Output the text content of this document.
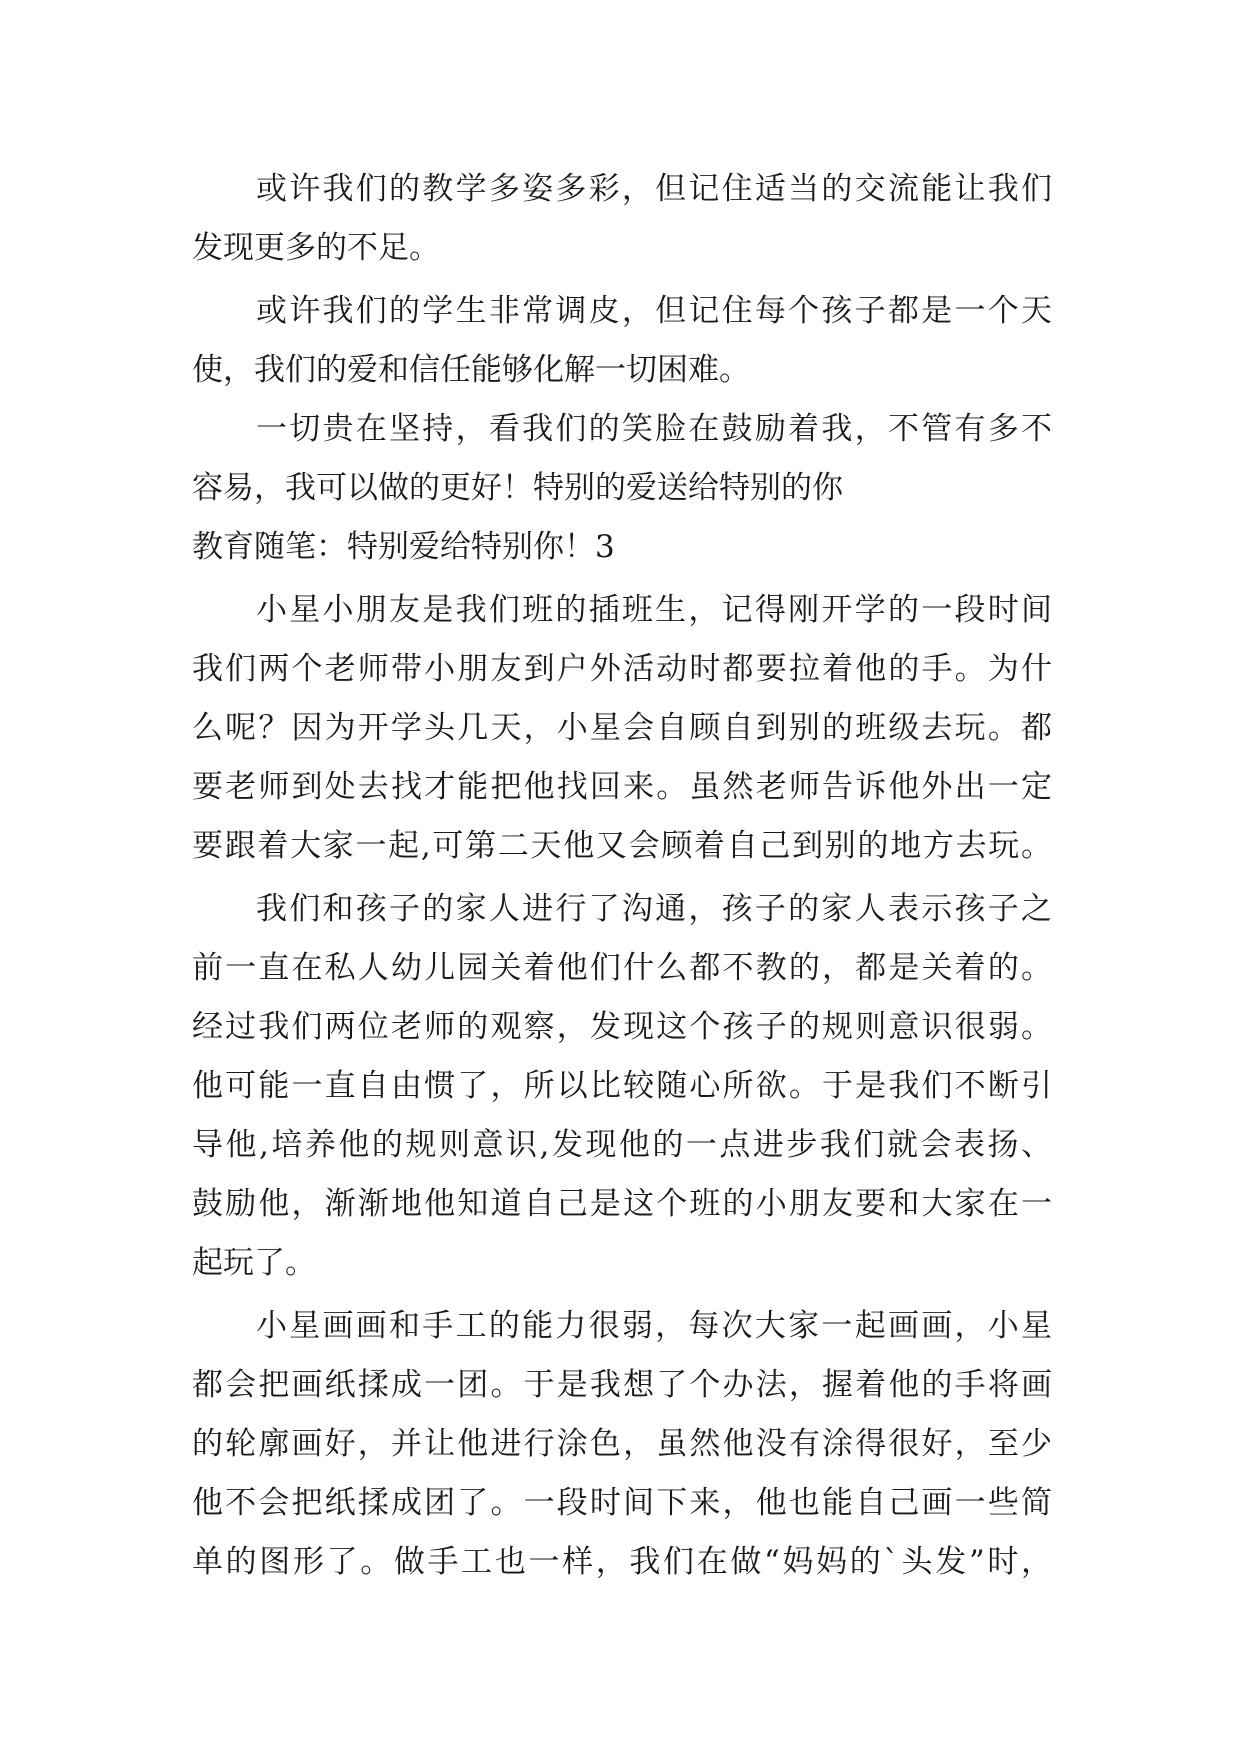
或许我们的教学多姿多彩，但记住适当的交流能让我们
发现更多的不足。
或许我们的学生非常调皮，但记住每个孩子都是一个天
使，我们的爱和信任能够化解一切困难。
一切贵在坚持，看我们的笑脸在鼓励着我，不管有多不
容易，我可以做的更好！特别的爱送给特别的你
教育随笔：特别爱给特别你！3
小星小朋友是我们班的插班生，记得刚开学的一段时间
我们两个老师带小朋友到户外活动时都要拉着他的手。为什
么呢？因为开学头几天，小星会自顾自到别的班级去玩。都
要老师到处去找才能把他找回来。虽然老师告诉他外出一定
要跟着大家一起,可第二天他又会顾着自己到别的地方去玩。
我们和孩子的家人进行了沟通，孩子的家人表示孩子之
前一直在私人幼儿园关着他们什么都不教的，都是关着的。
经过我们两位老师的观察，发现这个孩子的规则意识很弱。
他可能一直自由惯了，所以比较随心所欲。于是我们不断引
导他,培养他的规则意识,发现他的一点进步我们就会表扬、
鼓励他，渐渐地他知道自己是这个班的小朋友要和大家在一
起玩了。
小星画画和手工的能力很弱，每次大家一起画画，小星
都会把画纸揉成一团。于是我想了个办法，握着他的手将画
的轮廓画好，并让他进行涂色，虽然他没有涂得很好，至少
他不会把纸揉成团了。一段时间下来，他也能自己画一些简
单的图形了。做手工也一样，我们在做“妈妈的`头发”时，
